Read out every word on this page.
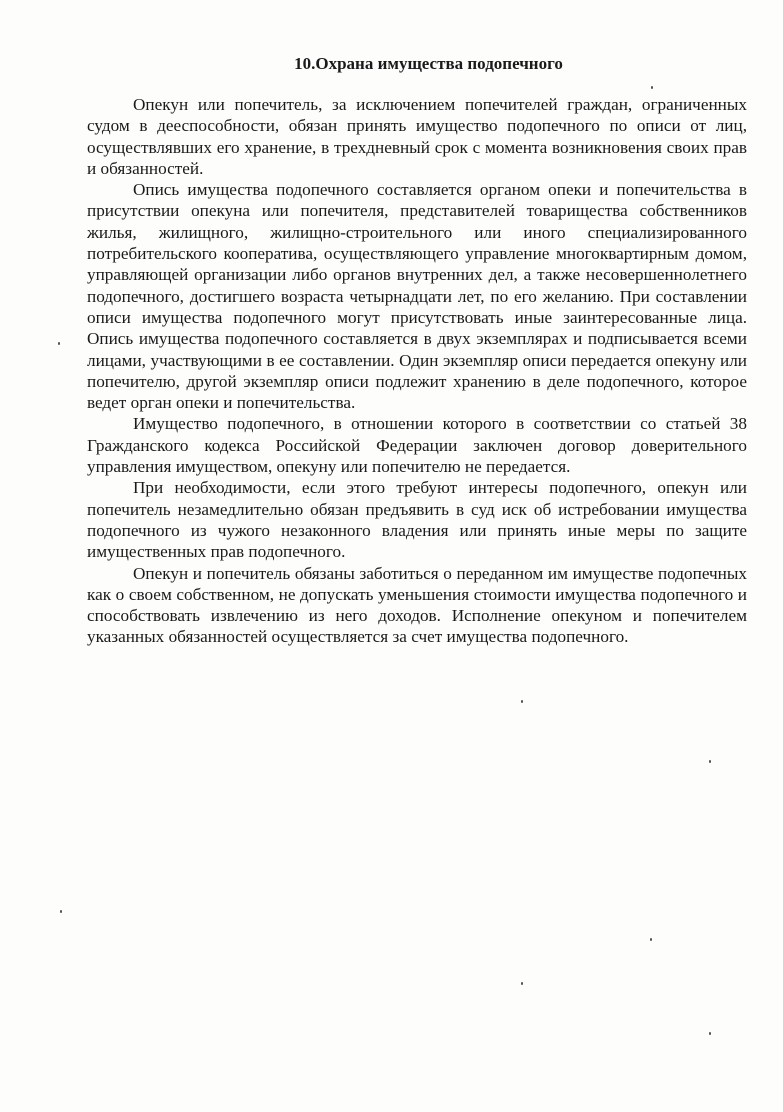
10.Охрана имущества подопечного

Опекун или попечитель, за исключением попечителей граждан, ограниченных судом в дееспособности, обязан принять имущество подопечного по описи от лиц, осуществлявших его хранение, в трехдневный срок с момента возникновения своих прав и обязанностей.

Опись имущества подопечного составляется органом опеки и попечительства в присутствии опекуна или попечителя, представителей товарищества собственников жилья, жилищного, жилищно-строительного или иного специализированного потребительского кооператива, осуществляющего управление многоквартирным домом, управляющей организации либо органов внутренних дел, а также несовершеннолетнего подопечного, достигшего возраста четырнадцати лет, по его желанию. При составлении описи имущества подопечного могут присутствовать иные заинтересованные лица. Опись имущества подопечного составляется в двух экземплярах и подписывается всеми лицами, участвующими в ее составлении. Один экземпляр описи передается опекуну или попечителю, другой экземпляр описи подлежит хранению в деле подопечного, которое ведет орган опеки и попечительства.

Имущество подопечного, в отношении которого в соответствии со статьей 38 Гражданского кодекса Российской Федерации заключен договор доверительного управления имуществом, опекуну или попечителю не передается.

При необходимости, если этого требуют интересы подопечного, опекун или попечитель незамедлительно обязан предъявить в суд иск об истребовании имущества подопечного из чужого незаконного владения или принять иные меры по защите имущественных прав подопечного.

Опекун и попечитель обязаны заботиться о переданном им имуществе подопечных как о своем собственном, не допускать уменьшения стоимости имущества подопечного и способствовать извлечению из него доходов. Исполнение опекуном и попечителем указанных обязанностей осуществляется за счет имущества подопечного.
